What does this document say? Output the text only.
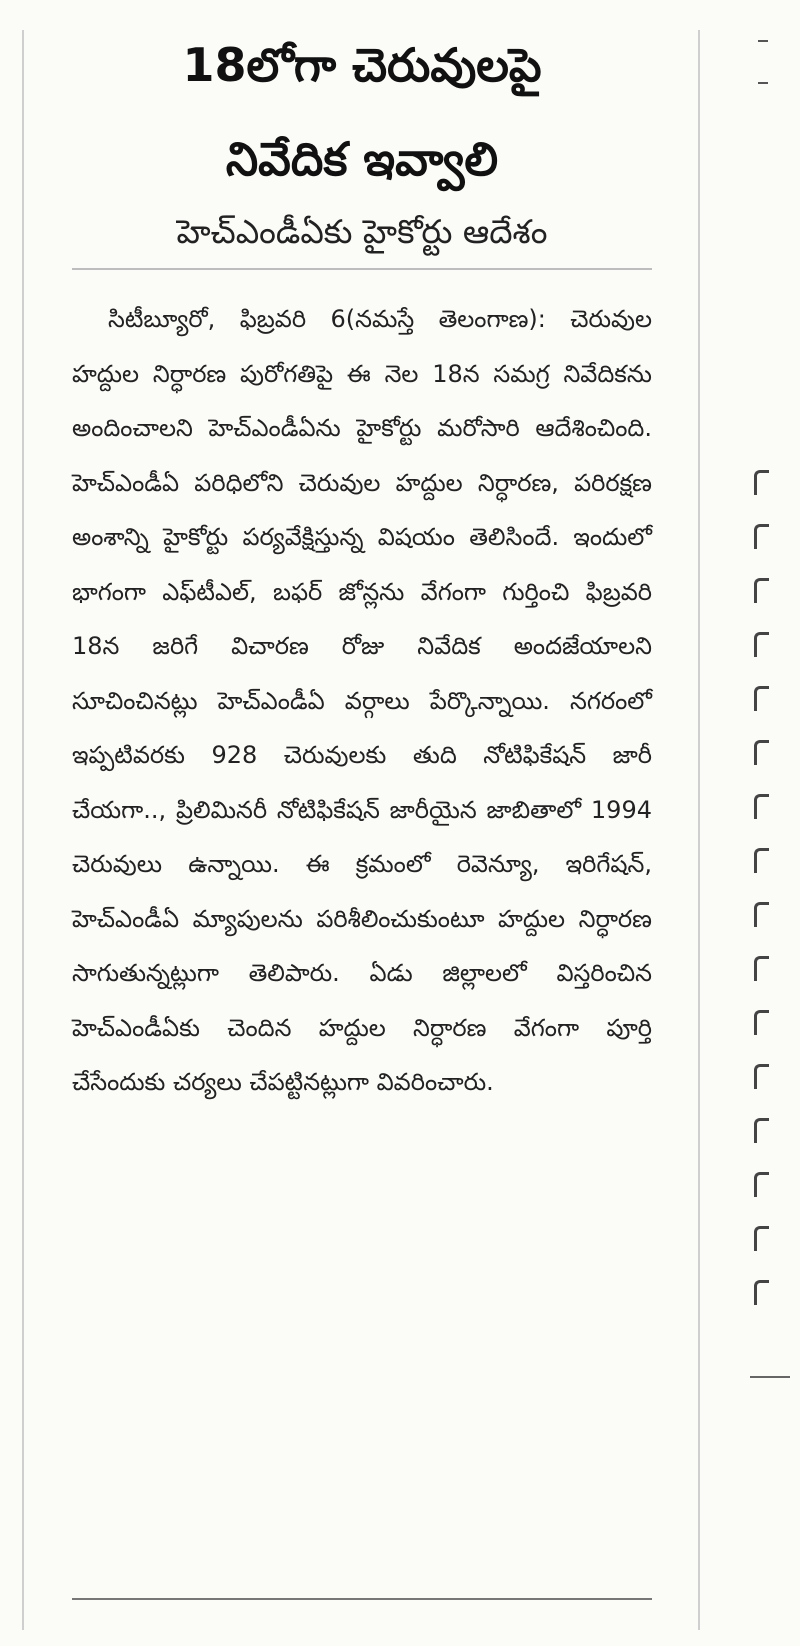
18లోగా చెరువులపై
నివేదిక ఇవ్వాలి
హెచ్‌ఎండీఏకు హైకోర్టు ఆదేశం

సిటీబ్యూరో, ఫిబ్రవరి 6(నమస్తే తెలంగాణ): చెరువుల హద్దుల నిర్ధారణ పురోగతిపై ఈ నెల 18న సమగ్ర నివేదికను అందించాలని హెచ్‌ఎండీఏను హైకోర్టు మరోసారి ఆదేశించింది. హెచ్‌ఎండీఏ పరిధిలోని చెరువుల హద్దుల నిర్ధారణ, పరిరక్షణ అంశాన్ని హైకోర్టు పర్యవేక్షిస్తున్న విషయం తెలిసిందే. ఇందులో భాగంగా ఎఫ్‌టీఎల్, బఫర్ జోన్లను వేగంగా గుర్తించి ఫిబ్రవరి 18న జరిగే విచారణ రోజు నివేదిక అందజేయాలని సూచించినట్లు హెచ్‌ఎండీఏ వర్గాలు పేర్కొన్నాయి. నగరంలో ఇప్పటివరకు 928 చెరువులకు తుది నోటిఫికేషన్ జారీ చేయగా.., ప్రిలిమినరీ నోటిఫికేషన్ జారీయైన జాబితాలో 1994 చెరువులు ఉన్నాయి. ఈ క్రమంలో రెవెన్యూ, ఇరిగేషన్, హెచ్‌ఎండీఏ మ్యాపులను పరిశీలించుకుంటూ హద్దుల నిర్ధారణ సాగుతున్నట్లుగా తెలిపారు. ఏడు జిల్లాలలో విస్తరించిన హెచ్‌ఎండీఏకు చెందిన హద్దుల నిర్ధారణ వేగంగా పూర్తి చేసేందుకు చర్యలు చేపట్టినట్లుగా వివరించారు.
